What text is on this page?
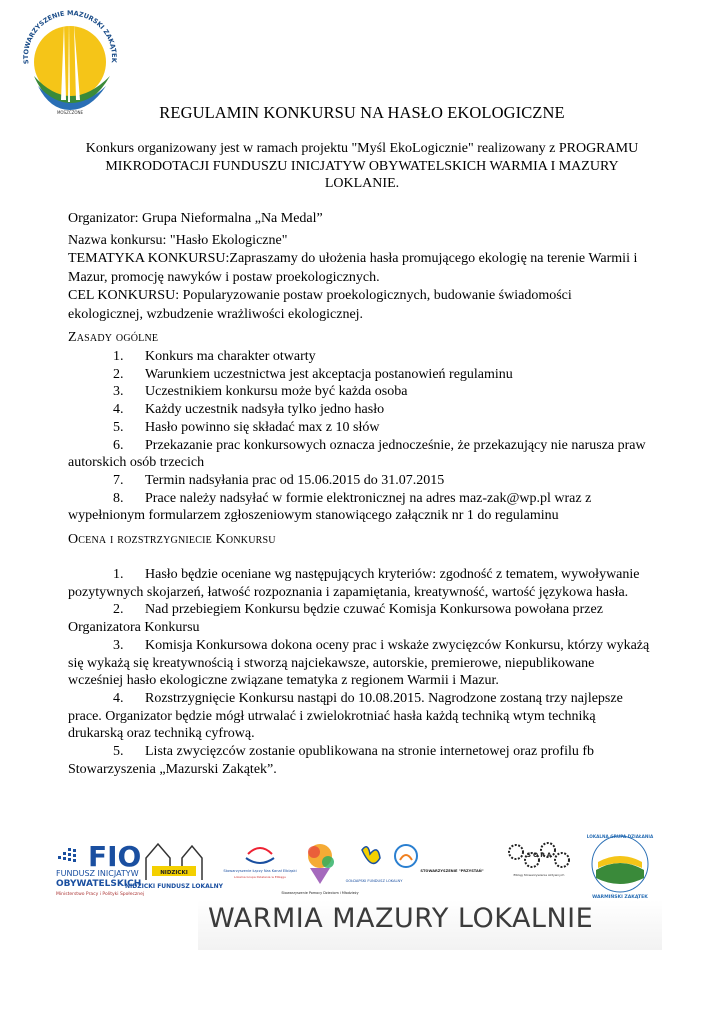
STOWARZYSZENIE MAZURSKI ZAKĄTEK
MOSZCZONE	REGULAMIN KONKURSU NA HASŁO EKOLOGICZNE
Konkurs organizowany jest w ramach projektu "Myśl EkoLogicznie" realizowany z PROGRAMU MIKRODOTACJI FUNDUSZU INICJATYW OBYWATELSKICH WARMIA I MAZURY LOKLANIE.

Organizator: Grupa Nieformalna „Na Medal”

Nazwa konkursu: "Hasło Ekologiczne"

TEMATYKA KONKURSU:Zapraszamy do ułożenia hasła promującego ekologię na terenie Warmii i Mazur, promocję nawyków i postaw proekologicznych.

CEL KONKURSU: Popularyzowanie postaw proekologicznych, budowanie świadomości ekologicznej, wzbudzenie wrażliwości ekologicznej.

Zasady ogólne

1. Konkurs ma charakter otwarty

2. Warunkiem uczestnictwa jest akceptacja postanowień regulaminu

3. Uczestnikiem konkursu może być każda osoba

4. Każdy uczestnik nadsyła tylko jedno hasło

5. Hasło powinno się składać max z 10 słów

6. Przekazanie prac konkursowych oznacza jednocześnie, że przekazujący nie narusza praw autorskich osób trzecich

7. Termin nadsyłania prac od 15.06.2015 do 31.07.2015

8. Prace należy nadsyłać w formie elektronicznej na adres maz-zak@wp.pl wraz z wypełnionym formularzem zgłoszeniowym stanowiącego załącznik nr 1 do regulaminu

Ocena i rozstrzygniecie Konkursu

1. Hasło będzie oceniane wg następujących kryteriów: zgodność z tematem, wywoływanie pozytywnych skojarzeń, łatwość rozpoznania i zapamiętania, kreatywność, wartość językowa hasła.

2. Nad przebiegiem Konkursu będzie czuwać Komisja Konkursowa powołana przez Organizatora Konkursu

3. Komisja Konkursowa dokona oceny prac i wskaże zwycięzców Konkursu, którzy wykażą się wykażą się kreatywnością i stworzą najciekawsze, autorskie, premierowe, niepublikowane wcześniej hasło ekologiczne związane tematyka z regionem Warmii i Mazur.

4. Rozstrzygnięcie Konkursu nastąpi do 10.08.2015. Nagrodzone zostaną trzy najlepsze prace. Organizator będzie mógł utrwalać i zwielokrotniać hasła każdą techniką wtym techniką drukarską oraz techniką cyfrową.

5. Lista zwycięzców zostanie opublikowana na stronie internetowej oraz profilu fb Stowarzyszenia „Mazurski Zakątek”.

WARMIA MAZURY LOKALNIE
FIO
FUNDUSZ INICJATYW
OBYWATELSKICH
Ministerstwo Pracy i Polityki Społecznej
NIDZICKI
NIDZICKI FUNDUSZ LOKALNY
Stowarzyszenie Łączy Nas Kanał Elbląski
Lokalna Grupa Działania w Elblągu
Stowarzyszenie Pomocy Dzieciom i Młodzieży
GOŁDAPSKI FUNDUSZ LOKALNY
STOWARZYSZENIE "PRZYSTAŃ"
S O P A
Elbląg Stowarzyszenie Aktywnych
LOKALNA GRUPA DZIAŁANIA
WARMIŃSKI ZAKĄTEK
